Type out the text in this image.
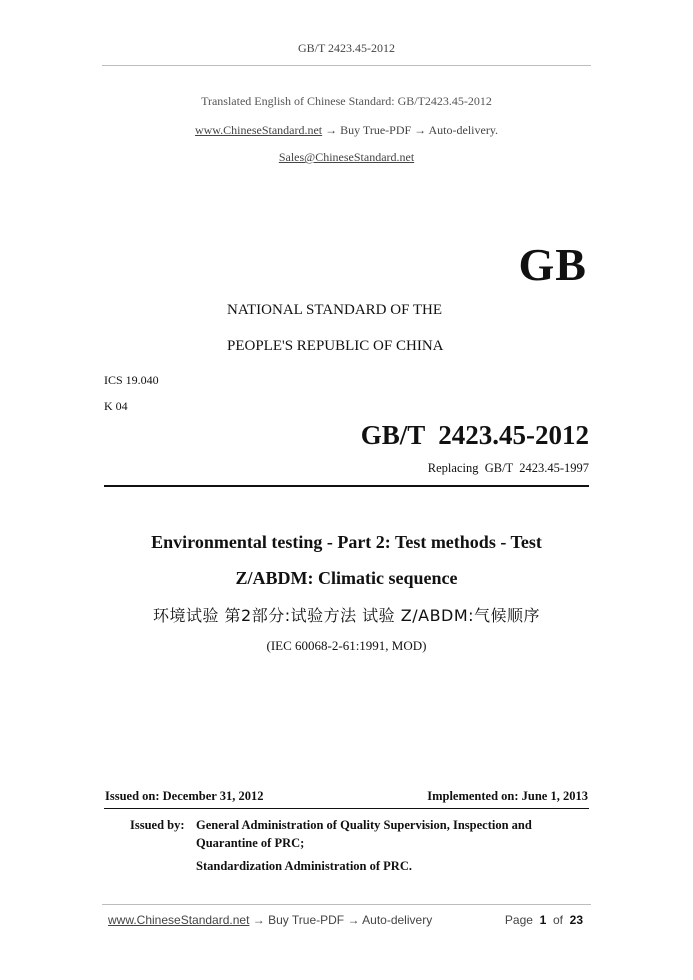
GB/T 2423.45-2012
Translated English of Chinese Standard: GB/T2423.45-2012
www.ChineseStandard.net → Buy True-PDF → Auto-delivery.
Sales@ChineseStandard.net
GB
NATIONAL STANDARD OF THE
PEOPLE'S REPUBLIC OF CHINA
ICS 19.040
K 04
GB/T  2423.45-2012
Replacing  GB/T  2423.45-1997
Environmental testing - Part 2: Test methods - Test
Z/ABDM: Climatic sequence
环境试验 第2部分:试验方法 试验 Z/ABDM:气候顺序
(IEC 60068-2-61:1991, MOD)
Issued on: December 31, 2012	Implemented on: June 1, 2013
Issued by: General Administration of Quality Supervision, Inspection and
Quarantine of PRC;
Standardization Administration of PRC.
www.ChineseStandard.net → Buy True-PDF → Auto-delivery	Page 1 of 23
